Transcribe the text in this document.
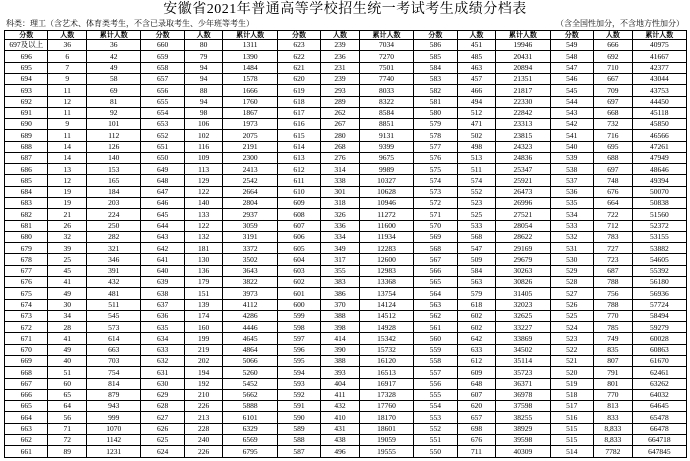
安徽省2021年普通高等学校招生统一考试考生成绩分档表
科类：理工（含艺术、体育类考生，不含已录取考生、少年班等考生）	（含全国性加分，不含地方性加分）
分数	人数	累计人数	分数	人数	累计人数	分数	人数	累计人数	分数	人数	累计人数	分数	人数	累计人数
697及以上	36	36	660	80	1311	623	239	7034	586	451	19946	549	666	40975
696	6	42	659	79	1390	622	236	7270	585	485	20431	548	692	41667
695	7	49	658	94	1484	621	231	7501	584	463	20894	547	710	42377
694	9	58	657	94	1578	620	239	7740	583	457	21351	546	667	43044
693	11	69	656	88	1666	619	293	8033	582	466	21817	545	709	43753
692	12	81	655	94	1760	618	289	8322	581	494	22330	544	697	44450
691	11	92	654	98	1867	617	262	8584	580	512	22842	543	668	45118
690	9	101	653	106	1973	616	267	8851	579	471	23313	542	732	45850
689	11	112	652	102	2075	615	280	9131	578	502	23815	541	716	46566
688	14	126	651	116	2191	614	268	9399	577	498	24323	540	695	47261
687	14	140	650	109	2300	613	276	9675	576	513	24836	539	688	47949
686	13	153	649	113	2413	612	314	9989	575	511	25347	538	697	48646
685	12	165	648	129	2542	611	338	10327	574	574	25921	537	748	49394
684	19	184	647	122	2664	610	301	10628	573	552	26473	536	676	50070
683	19	203	646	140	2804	609	318	10946	572	523	26996	535	664	50838
682	21	224	645	133	2937	608	326	11272	571	525	27521	534	722	51560
681	26	250	644	122	3059	607	336	11600	570	533	28054	533	712	52372
680	32	282	643	132	3191	606	334	11934	569	568	28622	532	783	53155
679	39	321	642	181	3372	605	349	12283	568	547	29169	531	727	53882
678	25	346	641	130	3502	604	317	12600	567	509	29679	530	723	54605
677	45	391	640	136	3643	603	355	12983	566	584	30263	529	687	55392
676	41	432	639	179	3822	602	383	13368	565	563	30826	528	788	56180
675	49	481	638	151	3973	601	386	13754	564	579	31405	527	756	56936
674	30	511	637	139	4112	600	370	14124	563	618	32023	526	788	57724
673	34	545	636	174	4286	599	388	14512	562	602	32625	525	770	58494
672	28	573	635	160	4446	598	398	14928	561	602	33227	524	785	59279
671	41	614	634	199	4645	597	414	15342	560	642	33869	523	749	60028
670	49	663	633	219	4864	596	390	15732	559	633	34502	522	835	60863
669	40	703	632	202	5066	595	388	16120	558	612	35114	521	807	61670
668	51	754	631	194	5260	594	393	16513	557	609	35723	520	791	62461
667	60	814	630	192	5452	593	404	16917	556	648	36371	519	801	63262
666	65	879	629	210	5662	592	411	17328	555	607	36978	518	770	64032
665	64	943	628	226	5888	591	432	17760	554	620	37598	517	813	64645
664	56	999	627	213	6101	590	410	18170	553	657	38255	516	833	65478
663	71	1070	626	228	6329	589	431	18601	552	698	38929	515	8,833	66478
662	72	1142	625	240	6569	588	438	19059	551	676	39598	515	8,833	664718
661	89	1231	624	226	6795	587	496	19555	550	711	40309	514	7782	647845
